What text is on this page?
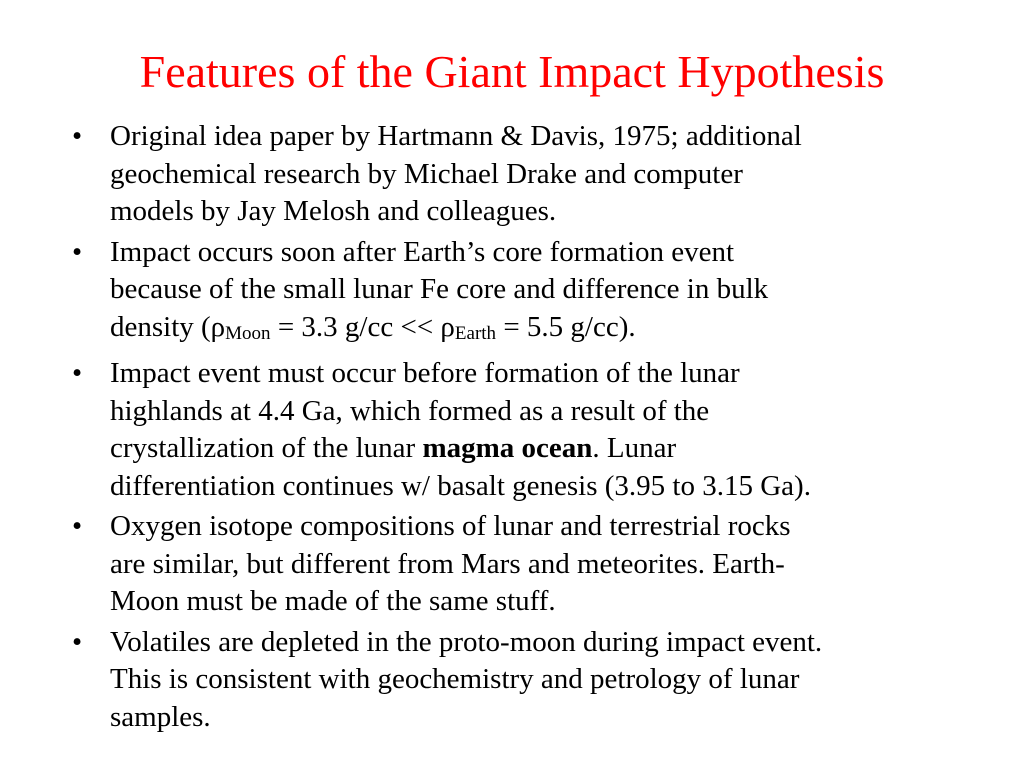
Features of the Giant Impact Hypothesis
• Original idea paper by Hartmann & Davis, 1975; additional
geochemical research by Michael Drake and computer
models by Jay Melosh and colleagues.
• Impact occurs soon after Earth’s core formation event
because of the small lunar Fe core and difference in bulk
density (ρMoon = 3.3 g/cc << ρEarth = 5.5 g/cc).
• Impact event must occur before formation of the lunar
highlands at 4.4 Ga, which formed as a result of the
crystallization of the lunar magma ocean. Lunar
differentiation continues w/ basalt genesis (3.95 to 3.15 Ga).
• Oxygen isotope compositions of lunar and terrestrial rocks
are similar, but different from Mars and meteorites. Earth-
Moon must be made of the same stuff.
• Volatiles are depleted in the proto-moon during impact event.
This is consistent with geochemistry and petrology of lunar
samples.
